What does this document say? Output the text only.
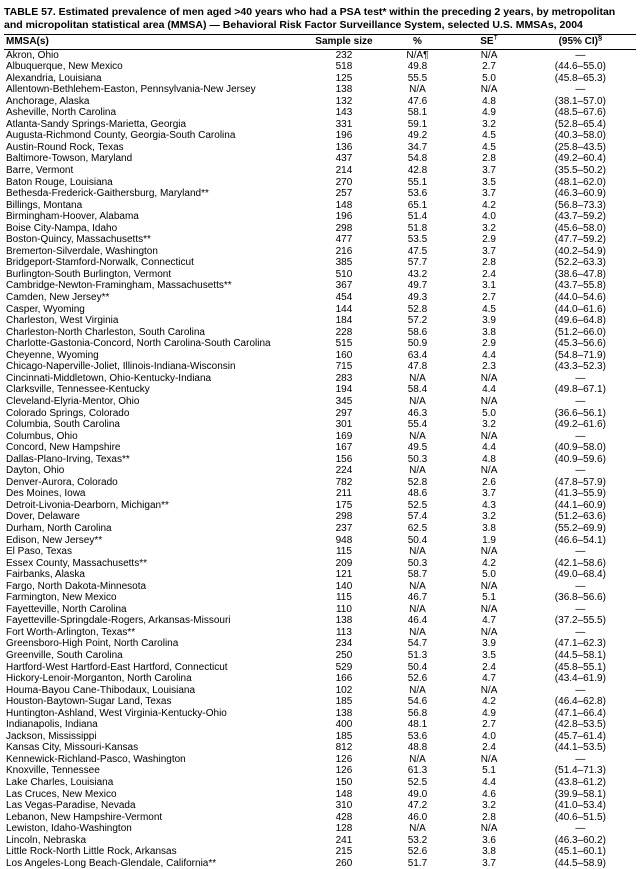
TABLE 57. Estimated prevalence of men aged >40 years who had a PSA test* within the preceding 2 years, by metropolitan and micropolitan statistical area (MMSA) — Behavioral Risk Factor Surveillance System, selected U.S. MMSAs, 2004
MMSA(s)	Sample size	%	SE†	(95% CI)§
Akron, Ohio	232	N/A¶	N/A	—
Albuquerque, New Mexico	518	49.8	2.7	(44.6–55.0)
Alexandria, Louisiana	125	55.5	5.0	(45.8–65.3)
Allentown-Bethlehem-Easton, Pennsylvania-New Jersey	138	N/A	N/A	—
Anchorage, Alaska	132	47.6	4.8	(38.1–57.0)
Asheville, North Carolina	143	58.1	4.9	(48.5–67.6)
Atlanta-Sandy Springs-Marietta, Georgia	331	59.1	3.2	(52.8–65.4)
Augusta-Richmond County, Georgia-South Carolina	196	49.2	4.5	(40.3–58.0)
Austin-Round Rock, Texas	136	34.7	4.5	(25.8–43.5)
Baltimore-Towson, Maryland	437	54.8	2.8	(49.2–60.4)
Barre, Vermont	214	42.8	3.7	(35.5–50.2)
Baton Rouge, Louisiana	270	55.1	3.5	(48.1–62.0)
Bethesda-Frederick-Gaithersburg, Maryland**	257	53.6	3.7	(46.3–60.9)
Billings, Montana	148	65.1	4.2	(56.8–73.3)
Birmingham-Hoover, Alabama	196	51.4	4.0	(43.7–59.2)
Boise City-Nampa, Idaho	298	51.8	3.2	(45.6–58.0)
Boston-Quincy, Massachusetts**	477	53.5	2.9	(47.7–59.2)
Bremerton-Silverdale, Washington	216	47.5	3.7	(40.2–54.9)
Bridgeport-Stamford-Norwalk, Connecticut	385	57.7	2.8	(52.2–63.3)
Burlington-South Burlington, Vermont	510	43.2	2.4	(38.6–47.8)
Cambridge-Newton-Framingham, Massachusetts**	367	49.7	3.1	(43.7–55.8)
Camden, New Jersey**	454	49.3	2.7	(44.0–54.6)
Casper, Wyoming	144	52.8	4.5	(44.0–61.6)
Charleston, West Virginia	184	57.2	3.9	(49.6–64.8)
Charleston-North Charleston, South Carolina	228	58.6	3.8	(51.2–66.0)
Charlotte-Gastonia-Concord, North Carolina-South Carolina	515	50.9	2.9	(45.3–56.6)
Cheyenne, Wyoming	160	63.4	4.4	(54.8–71.9)
Chicago-Naperville-Joliet, Illinois-Indiana-Wisconsin	715	47.8	2.3	(43.3–52.3)
Cincinnati-Middletown, Ohio-Kentucky-Indiana	283	N/A	N/A	—
Clarksville, Tennessee-Kentucky	194	58.4	4.4	(49.8–67.1)
Cleveland-Elyria-Mentor, Ohio	345	N/A	N/A	—
Colorado Springs, Colorado	297	46.3	5.0	(36.6–56.1)
Columbia, South Carolina	301	55.4	3.2	(49.2–61.6)
Columbus, Ohio	169	N/A	N/A	—
Concord, New Hampshire	167	49.5	4.4	(40.9–58.0)
Dallas-Plano-Irving, Texas**	156	50.3	4.8	(40.9–59.6)
Dayton, Ohio	224	N/A	N/A	—
Denver-Aurora, Colorado	782	52.8	2.6	(47.8–57.9)
Des Moines, Iowa	211	48.6	3.7	(41.3–55.9)
Detroit-Livonia-Dearborn, Michigan**	175	52.5	4.3	(44.1–60.9)
Dover, Delaware	298	57.4	3.2	(51.2–63.6)
Durham, North Carolina	237	62.5	3.8	(55.2–69.9)
Edison, New Jersey**	948	50.4	1.9	(46.6–54.1)
El Paso, Texas	115	N/A	N/A	—
Essex County, Massachusetts**	209	50.3	4.2	(42.1–58.6)
Fairbanks, Alaska	121	58.7	5.0	(49.0–68.4)
Fargo, North Dakota-Minnesota	140	N/A	N/A	—
Farmington, New Mexico	115	46.7	5.1	(36.8–56.6)
Fayetteville, North Carolina	110	N/A	N/A	—
Fayetteville-Springdale-Rogers, Arkansas-Missouri	138	46.4	4.7	(37.2–55.5)
Fort Worth-Arlington, Texas**	113	N/A	N/A	—
Greensboro-High Point, North Carolina	234	54.7	3.9	(47.1–62.3)
Greenville, South Carolina	250	51.3	3.5	(44.5–58.1)
Hartford-West Hartford-East Hartford, Connecticut	529	50.4	2.4	(45.8–55.1)
Hickory-Lenoir-Morganton, North Carolina	166	52.6	4.7	(43.4–61.9)
Houma-Bayou Cane-Thibodaux, Louisiana	102	N/A	N/A	—
Houston-Baytown-Sugar Land, Texas	185	54.6	4.2	(46.4–62.8)
Huntington-Ashland, West Virginia-Kentucky-Ohio	138	56.8	4.9	(47.1–66.4)
Indianapolis, Indiana	400	48.1	2.7	(42.8–53.5)
Jackson, Mississippi	185	53.6	4.0	(45.7–61.4)
Kansas City, Missouri-Kansas	812	48.8	2.4	(44.1–53.5)
Kennewick-Richland-Pasco, Washington	126	N/A	N/A	—
Knoxville, Tennessee	126	61.3	5.1	(51.4–71.3)
Lake Charles, Louisiana	150	52.5	4.4	(43.8–61.2)
Las Cruces, New Mexico	148	49.0	4.6	(39.9–58.1)
Las Vegas-Paradise, Nevada	310	47.2	3.2	(41.0–53.4)
Lebanon, New Hampshire-Vermont	428	46.0	2.8	(40.6–51.5)
Lewiston, Idaho-Washington	128	N/A	N/A	—
Lincoln, Nebraska	241	53.2	3.6	(46.3–60.2)
Little Rock-North Little Rock, Arkansas	215	52.6	3.8	(45.1–60.1)
Los Angeles-Long Beach-Glendale, California**	260	51.7	3.7	(44.5–58.9)
